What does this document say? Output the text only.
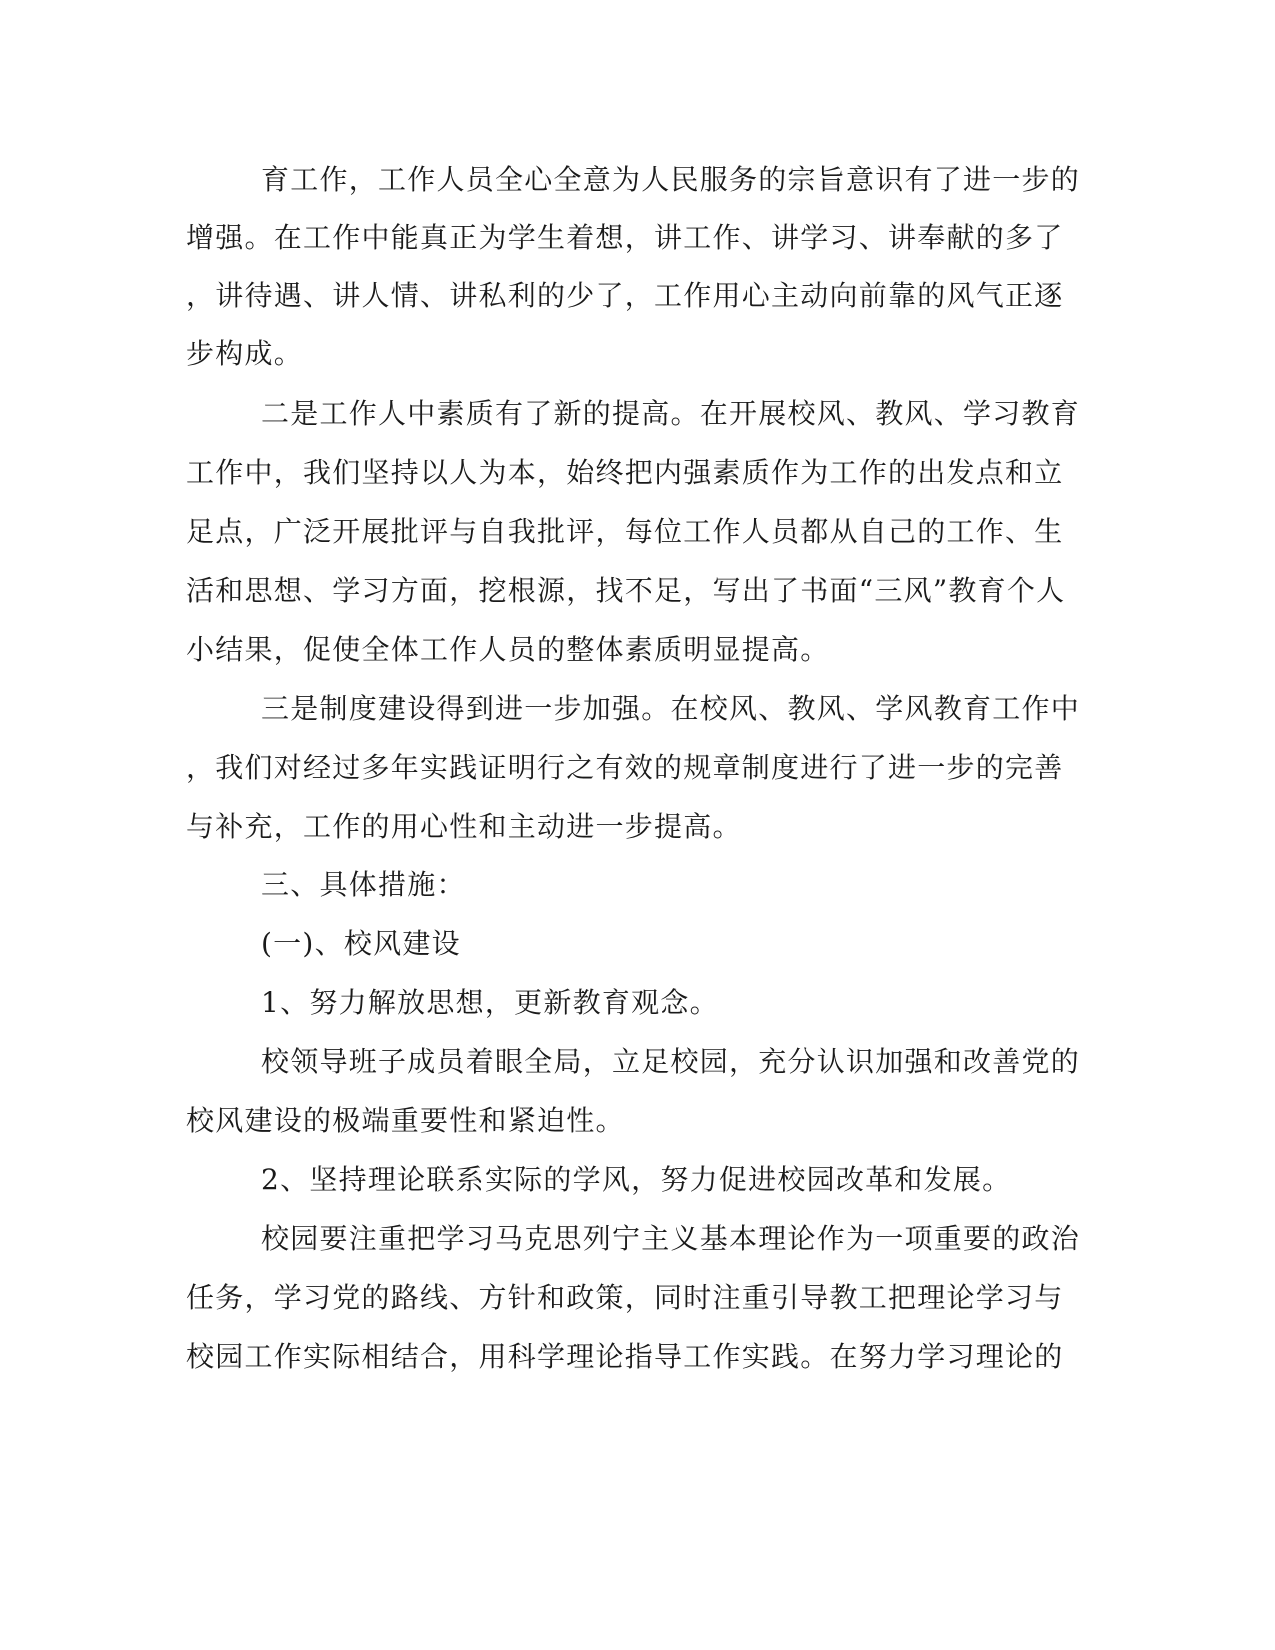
育工作，工作人员全心全意为人民服务的宗旨意识有了进一步的

增强。在工作中能真正为学生着想，讲工作、讲学习、讲奉献的多了

，讲待遇、讲人情、讲私利的少了，工作用心主动向前靠的风气正逐

步构成。

二是工作人中素质有了新的提高。在开展校风、教风、学习教育

工作中，我们坚持以人为本，始终把内强素质作为工作的出发点和立

足点，广泛开展批评与自我批评，每位工作人员都从自己的工作、生

活和思想、学习方面，挖根源，找不足，写出了书面“三风”教育个人

小结果，促使全体工作人员的整体素质明显提高。

三是制度建设得到进一步加强。在校风、教风、学风教育工作中

，我们对经过多年实践证明行之有效的规章制度进行了进一步的完善

与补充，工作的用心性和主动进一步提高。

三、具体措施：

(一)、校风建设

1、努力解放思想，更新教育观念。

校领导班子成员着眼全局，立足校园，充分认识加强和改善党的

校风建设的极端重要性和紧迫性。

2、坚持理论联系实际的学风，努力促进校园改革和发展。

校园要注重把学习马克思列宁主义基本理论作为一项重要的政治

任务，学习党的路线、方针和政策，同时注重引导教工把理论学习与

校园工作实际相结合，用科学理论指导工作实践。在努力学习理论的
